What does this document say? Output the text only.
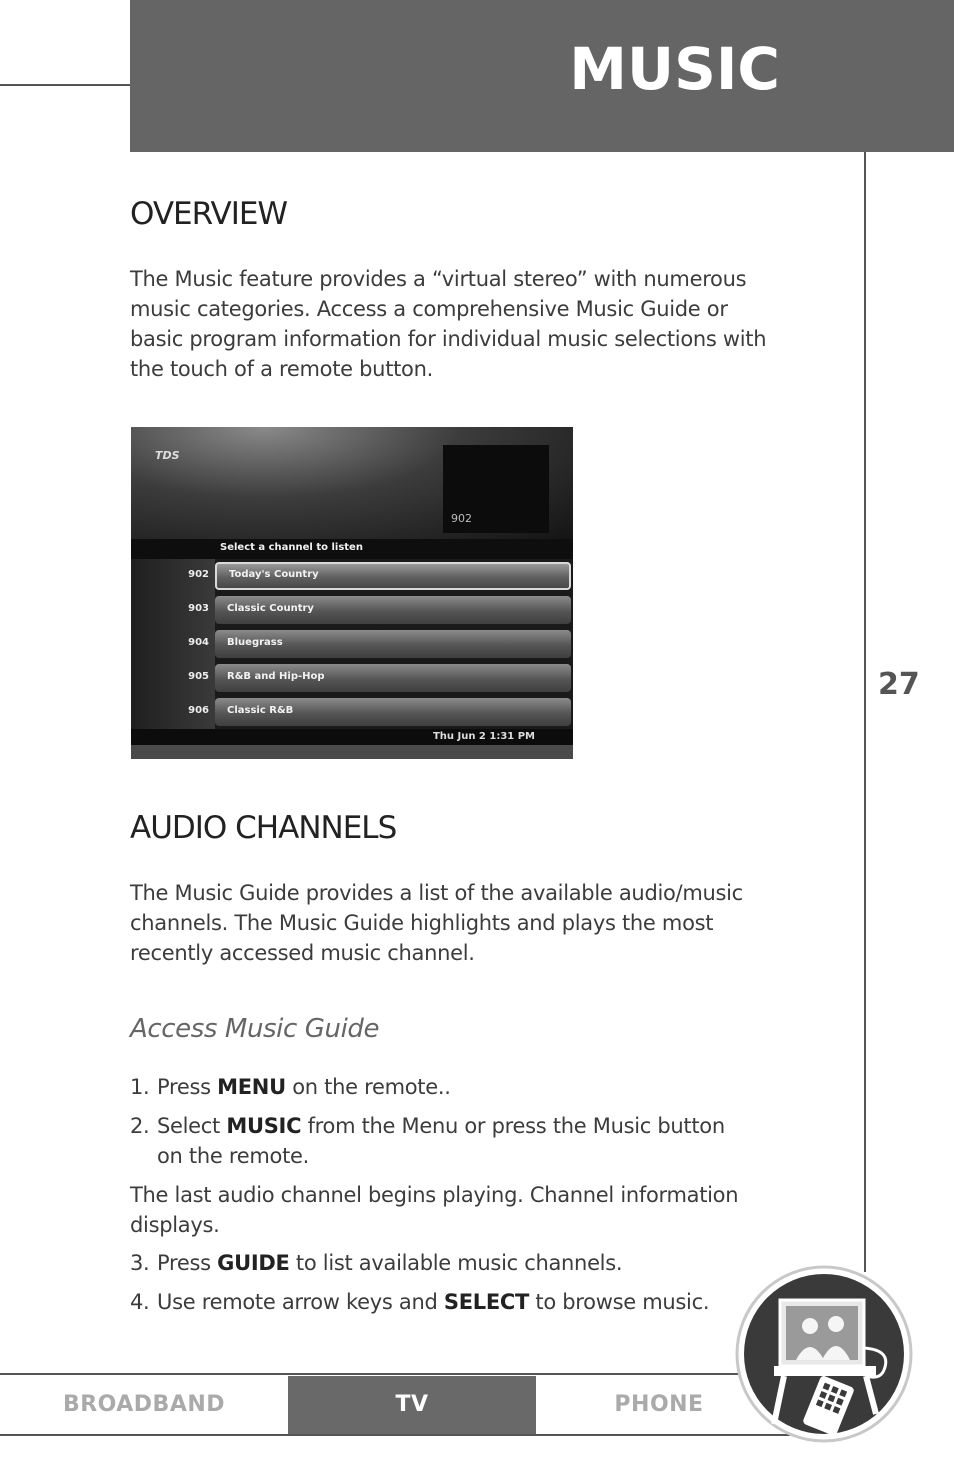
MUSIC
27
OVERVIEW

The Music feature provides a “virtual stereo” with numerous
music categories. Access a comprehensive Music Guide or
basic program information for individual music selections with
the touch of a remote button.

TDS
902
Select a channel to listen
902 Today's Country
903 Classic Country
904 Bluegrass
905 R&B and Hip-Hop
906 Classic R&B
Thu Jun 2 1:31 PM
AUDIO CHANNELS

The Music Guide provides a list of the available audio/music
channels. The Music Guide highlights and plays the most
recently accessed music channel.

Access Music Guide

1. Press MENU on the remote..
2. Select MUSIC from the Menu or press the Music button
on the remote.
The last audio channel begins playing. Channel information
displays.
3. Press GUIDE to list available music channels.
4. Use remote arrow keys and SELECT to browse music.
BROADBAND	TV	PHONE
